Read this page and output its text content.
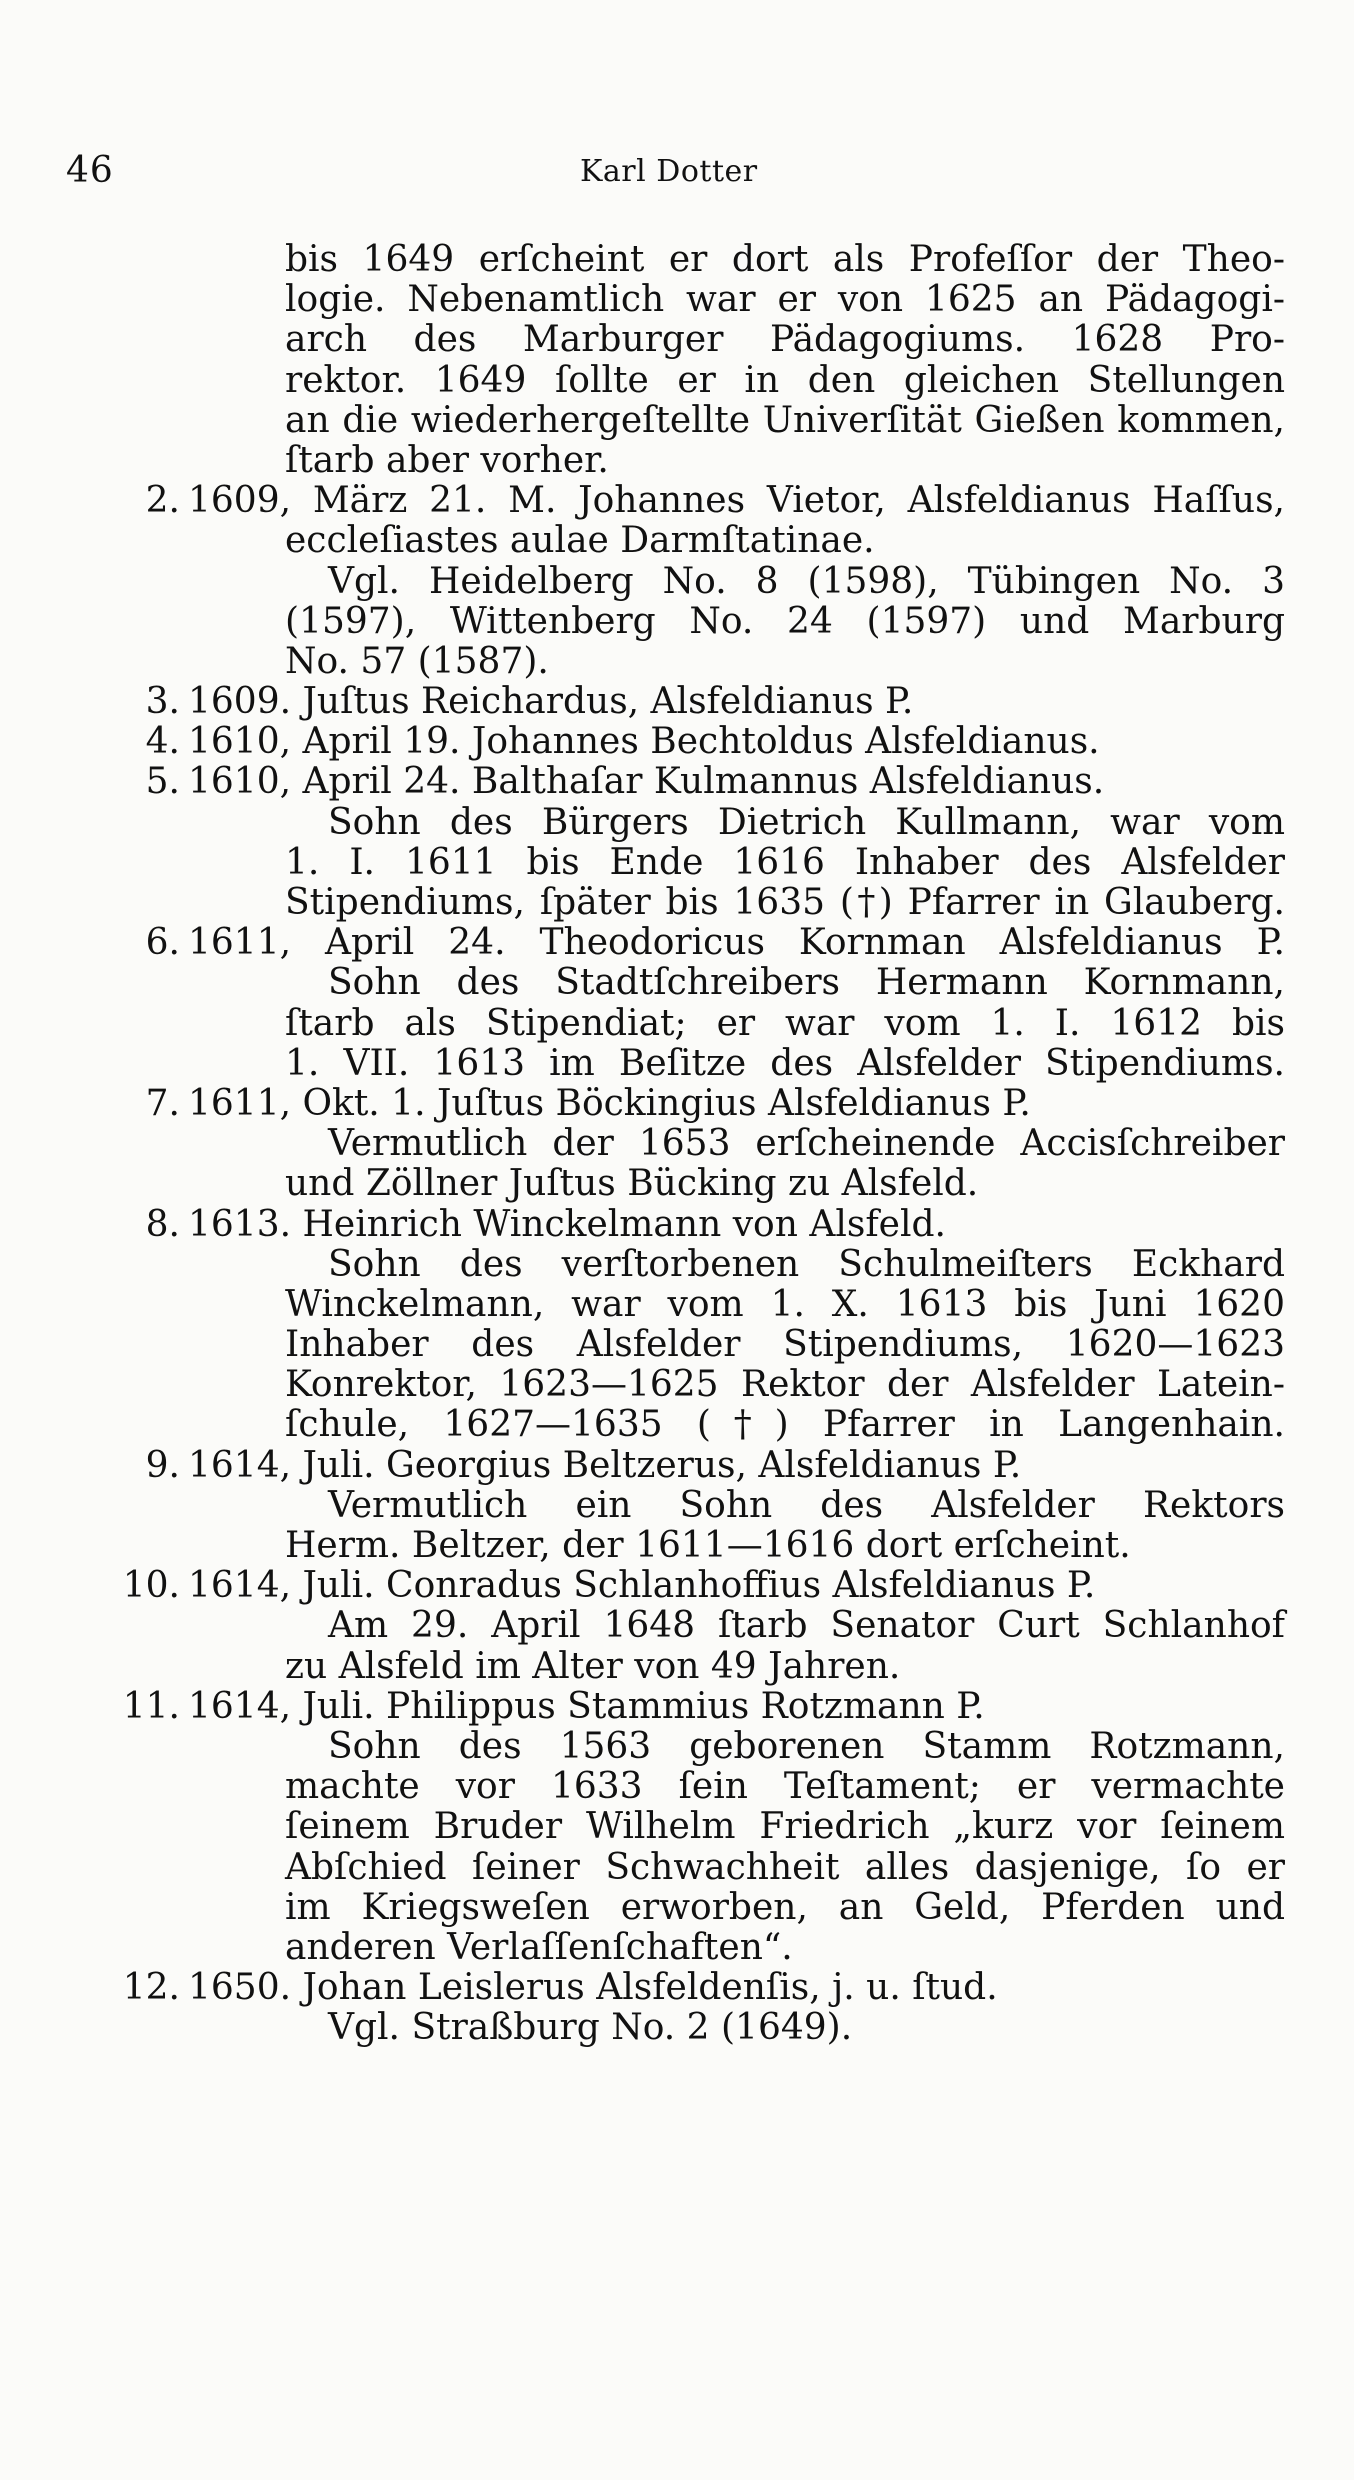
46	Karl Dotter
bis 1649 erſcheint er dort als Profeſſor der Theo-
logie. Nebenamtlich war er von 1625 an Pädagogi-
arch des Marburger Pädagogiums. 1628 Pro-
rektor. 1649 ſollte er in den gleichen Stellungen
an die wiederhergeſtellte Univerſität Gießen kommen,
ſtarb aber vorher.
2. 1609, März 21. M. Johannes Vietor, Alsfeldianus Haſſus,
eccleſiastes aulae Darmſtatinae.
Vgl. Heidelberg No. 8 (1598), Tübingen No. 3
(1597), Wittenberg No. 24 (1597) und Marburg
No. 57 (1587).
3. 1609. Juſtus Reichardus, Alsfeldianus P.
4. 1610, April 19. Johannes Bechtoldus Alsfeldianus.
5. 1610, April 24. Balthaſar Kulmannus Alsfeldianus.
Sohn des Bürgers Dietrich Kullmann, war vom
1. I. 1611 bis Ende 1616 Inhaber des Alsfelder
Stipendiums, ſpäter bis 1635 (†) Pfarrer in Glauberg.
6. 1611, April 24. Theodoricus Kornman Alsfeldianus P.
Sohn des Stadtſchreibers Hermann Kornmann,
ſtarb als Stipendiat; er war vom 1. I. 1612 bis
1. VII. 1613 im Beſitze des Alsfelder Stipendiums.
7. 1611, Okt. 1. Juſtus Böckingius Alsfeldianus P.
Vermutlich der 1653 erſcheinende Accisſchreiber
und Zöllner Juſtus Bücking zu Alsfeld.
8. 1613. Heinrich Winckelmann von Alsfeld.
Sohn des verſtorbenen Schulmeiſters Eckhard
Winckelmann, war vom 1. X. 1613 bis Juni 1620
Inhaber des Alsfelder Stipendiums, 1620—1623
Konrektor, 1623—1625 Rektor der Alsfelder Latein-
ſchule, 1627—1635 (†) Pfarrer in Langenhain.
9. 1614, Juli. Georgius Beltzerus, Alsfeldianus P.
Vermutlich ein Sohn des Alsfelder Rektors
Herm. Beltzer, der 1611—1616 dort erſcheint.
10. 1614, Juli. Conradus Schlanhoffius Alsfeldianus P.
Am 29. April 1648 ſtarb Senator Curt Schlanhof
zu Alsfeld im Alter von 49 Jahren.
11. 1614, Juli. Philippus Stammius Rotzmann P.
Sohn des 1563 geborenen Stamm Rotzmann,
machte vor 1633 ſein Teſtament; er vermachte
ſeinem Bruder Wilhelm Friedrich „kurz vor ſeinem
Abſchied ſeiner Schwachheit alles dasjenige, ſo er
im Kriegsweſen erworben, an Geld, Pferden und
anderen Verlaſſenſchaften“.
12. 1650. Johan Leislerus Alsfeldenſis, j. u. ſtud.
Vgl. Straßburg No. 2 (1649).
